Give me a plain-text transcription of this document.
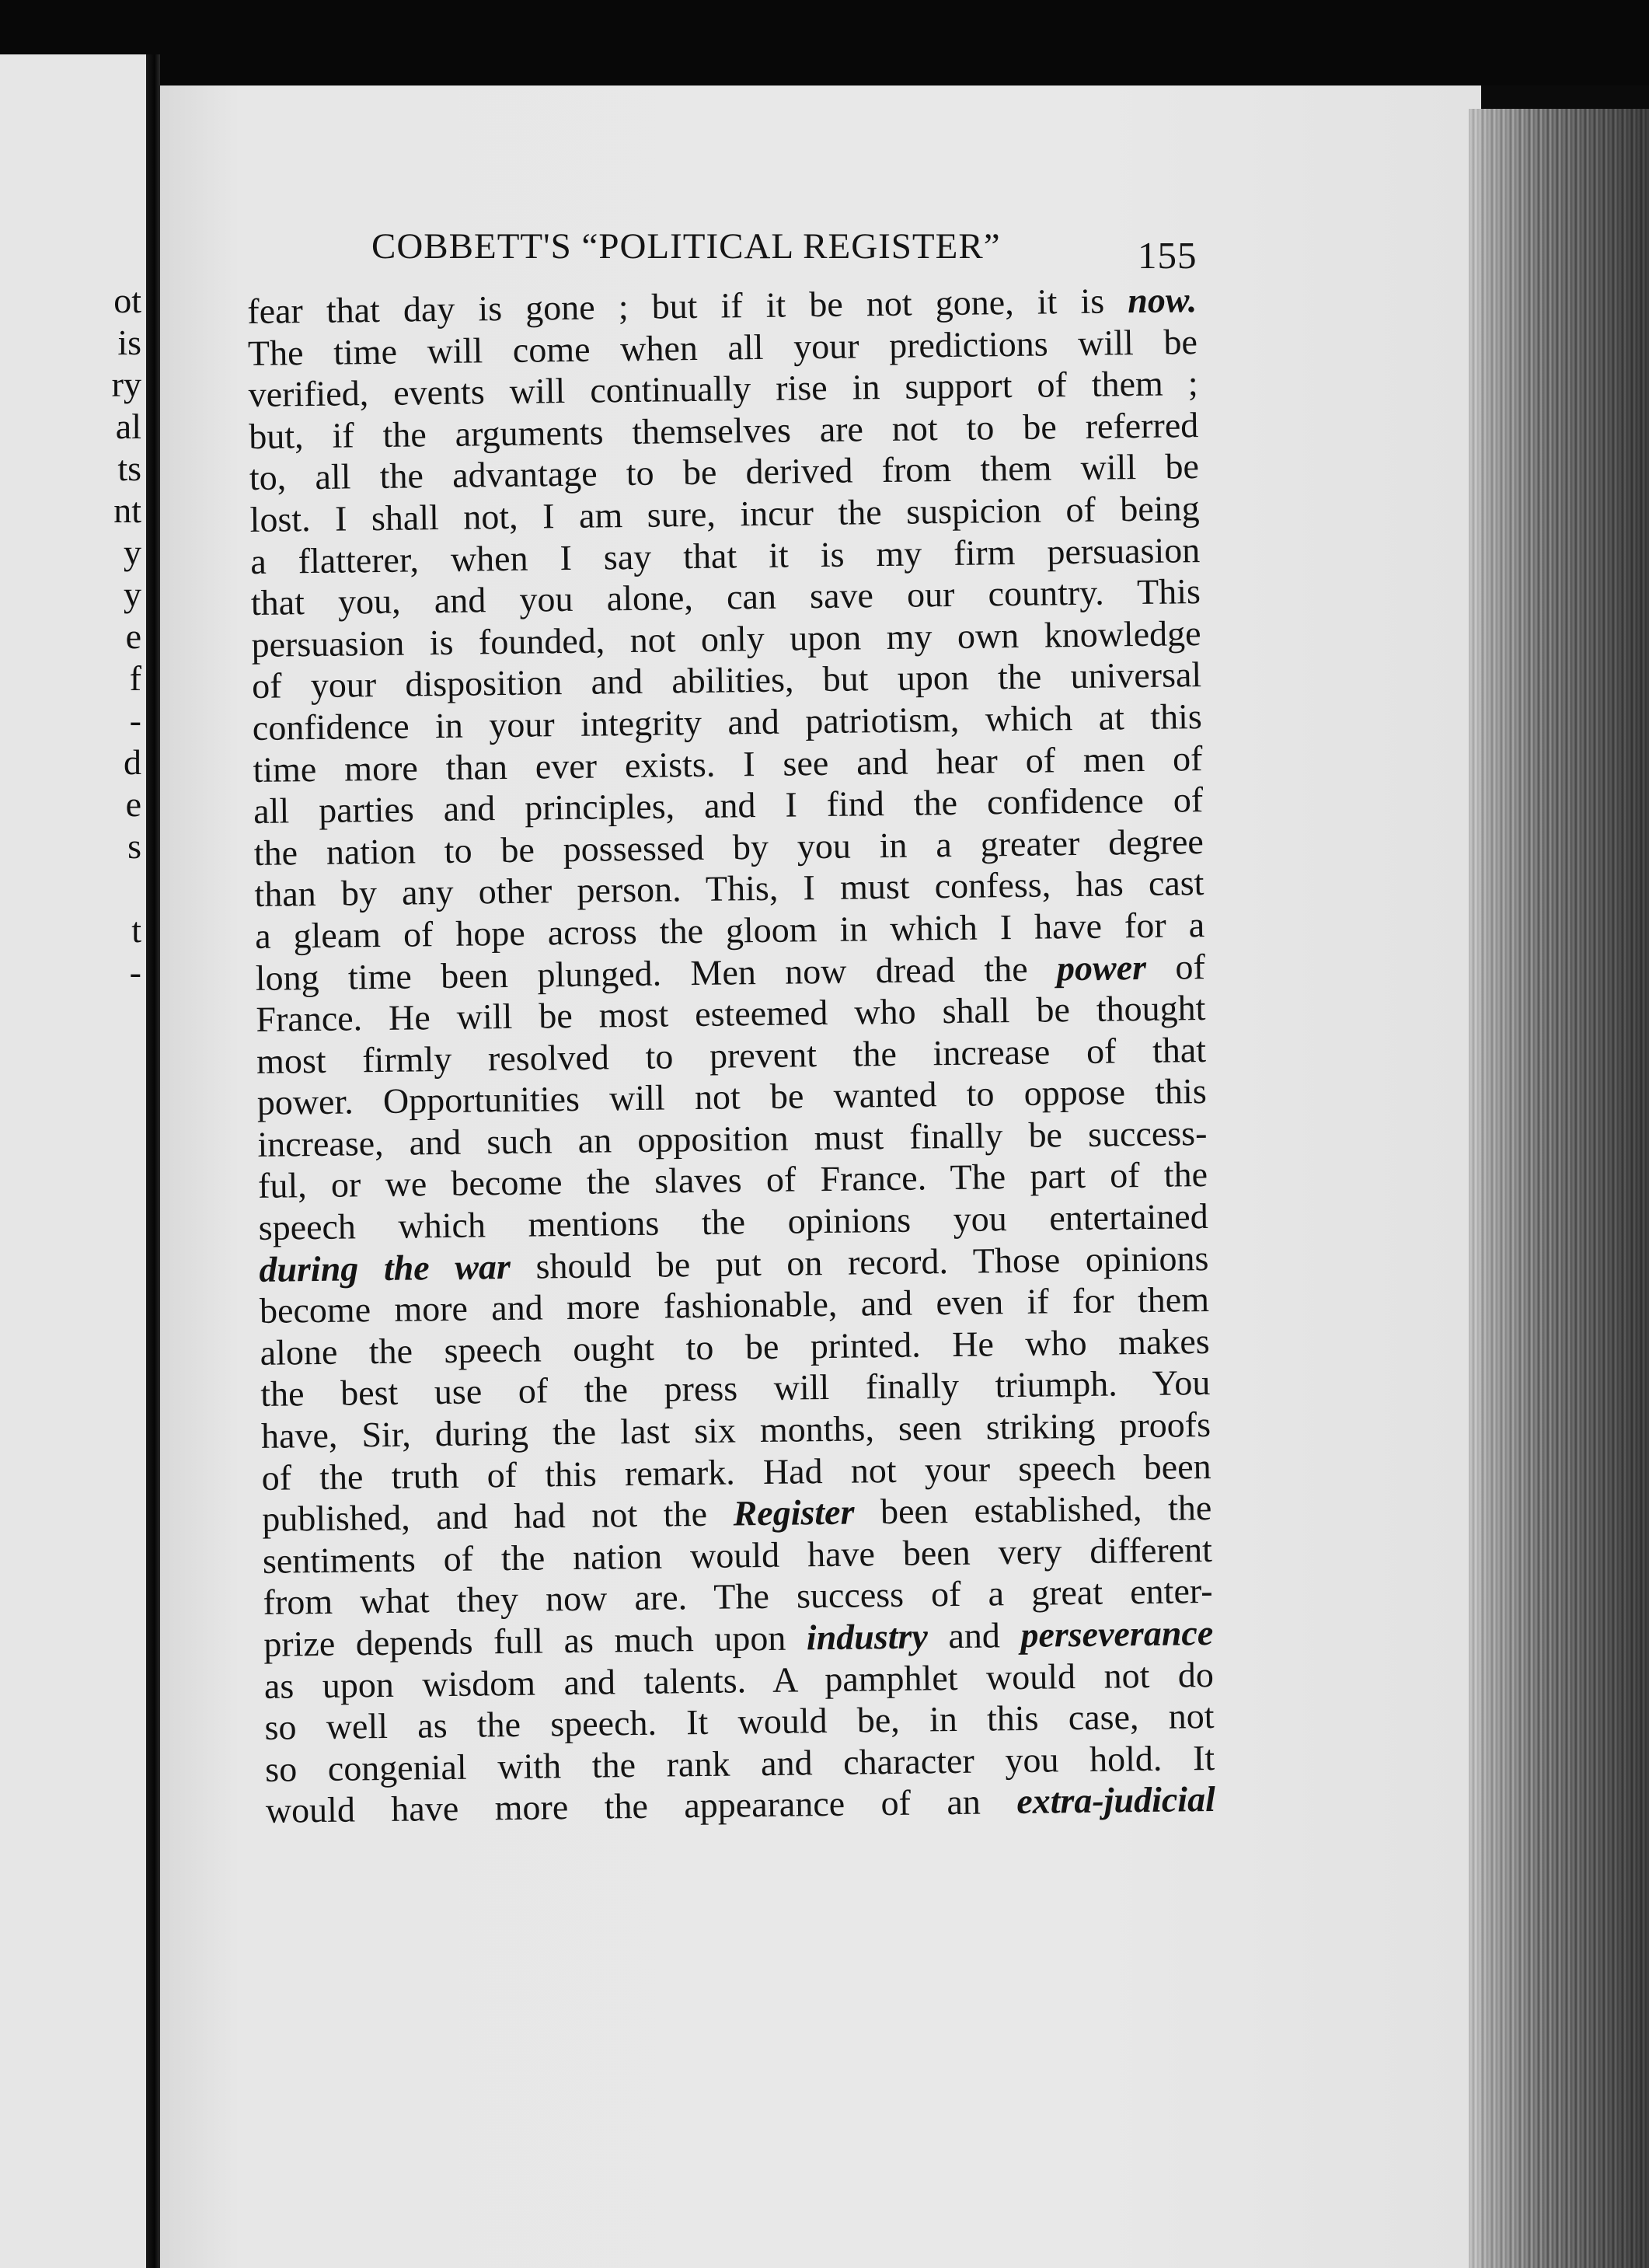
ot
is
ry
al
ts
nt
y
y
e
f
-
d
e
s

t
-
COBBETT'S “POLITICAL REGISTER”	155
fear that day is gone ; but if it be not gone, it is now.
The time will come when all your predictions will be
verified, events will continually rise in support of them ;
but, if the arguments themselves are not to be referred
to, all the advantage to be derived from them will be
lost. I shall not, I am sure, incur the suspicion of being
a flatterer, when I say that it is my firm persuasion
that you, and you alone, can save our country. This
persuasion is founded, not only upon my own knowledge
of your disposition and abilities, but upon the universal
confidence in your integrity and patriotism, which at this
time more than ever exists. I see and hear of men of
all parties and principles, and I find the confidence of
the nation to be possessed by you in a greater degree
than by any other person. This, I must confess, has cast
a gleam of hope across the gloom in which I have for a
long time been plunged. Men now dread the power of
France. He will be most esteemed who shall be thought
most firmly resolved to prevent the increase of that
power. Opportunities will not be wanted to oppose this
increase, and such an opposition must finally be success-
ful, or we become the slaves of France. The part of the
speech which mentions the opinions you entertained
during the war should be put on record. Those opinions
become more and more fashionable, and even if for them
alone the speech ought to be printed. He who makes
the best use of the press will finally triumph. You
have, Sir, during the last six months, seen striking proofs
of the truth of this remark. Had not your speech been
published, and had not the Register been established, the
sentiments of the nation would have been very different
from what they now are. The success of a great enter-
prize depends full as much upon industry and perseverance
as upon wisdom and talents. A pamphlet would not do
so well as the speech. It would be, in this case, not
so congenial with the rank and character you hold. It
would have more the appearance of an extra-judicial
